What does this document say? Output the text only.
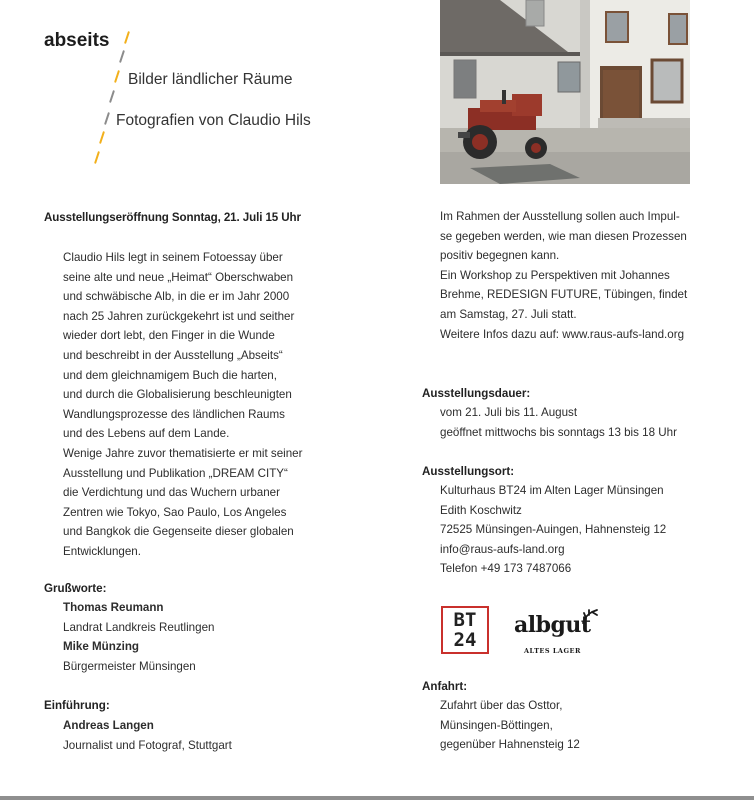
abseits
Bilder ländlicher Räume
Fotografien von Claudio Hils
Ausstellungseröffnung Sonntag, 21. Juli 15 Uhr
Claudio Hils legt in seinem Fotoessay über
seine alte und neue „Heimat“ Oberschwaben
und schwäbische Alb, in die er im Jahr 2000
nach 25 Jahren zurückgekehrt ist und seither
wieder dort lebt, den Finger in die Wunde
und beschreibt in der Ausstellung „Abseits“
und dem gleichnamigem Buch die harten,
und durch die Globalisierung beschleunigten
Wandlungsprozesse des ländlichen Raums
und des Lebens auf dem Lande.
Wenige Jahre zuvor thematisierte er mit seiner
Ausstellung und Publikation „DREAM CITY“
die Verdichtung und das Wuchern urbaner
Zentren wie Tokyo, Sao Paulo, Los Angeles
und Bangkok die Gegenseite dieser globalen
Entwicklungen.
Grußworte:
Thomas Reumann
Landrat Landkreis Reutlingen
Mike Münzing
Bürgermeister Münsingen
Einführung:
Andreas Langen
Journalist und Fotograf, Stuttgart
Im Rahmen der Ausstellung sollen auch Impul-
se gegeben werden, wie man diesen Prozessen
positiv begegnen kann.
Ein Workshop zu Perspektiven mit Johannes
Brehme, REDESIGN FUTURE, Tübingen, findet
am Samstag, 27. Juli statt.
Weitere Infos dazu auf: www.raus-aufs-land.org
Ausstellungsdauer:
vom 21. Juli bis 11. August
geöffnet mittwochs bis sonntags 13 bis 18 Uhr
Ausstellungsort:
Kulturhaus BT24 im Alten Lager Münsingen
Edith Koschwitz
72525 Münsingen-Auingen, Hahnensteig 12
info@raus-aufs-land.org
Telefon +49 173 7487066
BT
24
albgut
ALTES LAGER
Anfahrt:
Zufahrt über das Osttor,
Münsingen-Böttingen,
gegenüber Hahnensteig 12
